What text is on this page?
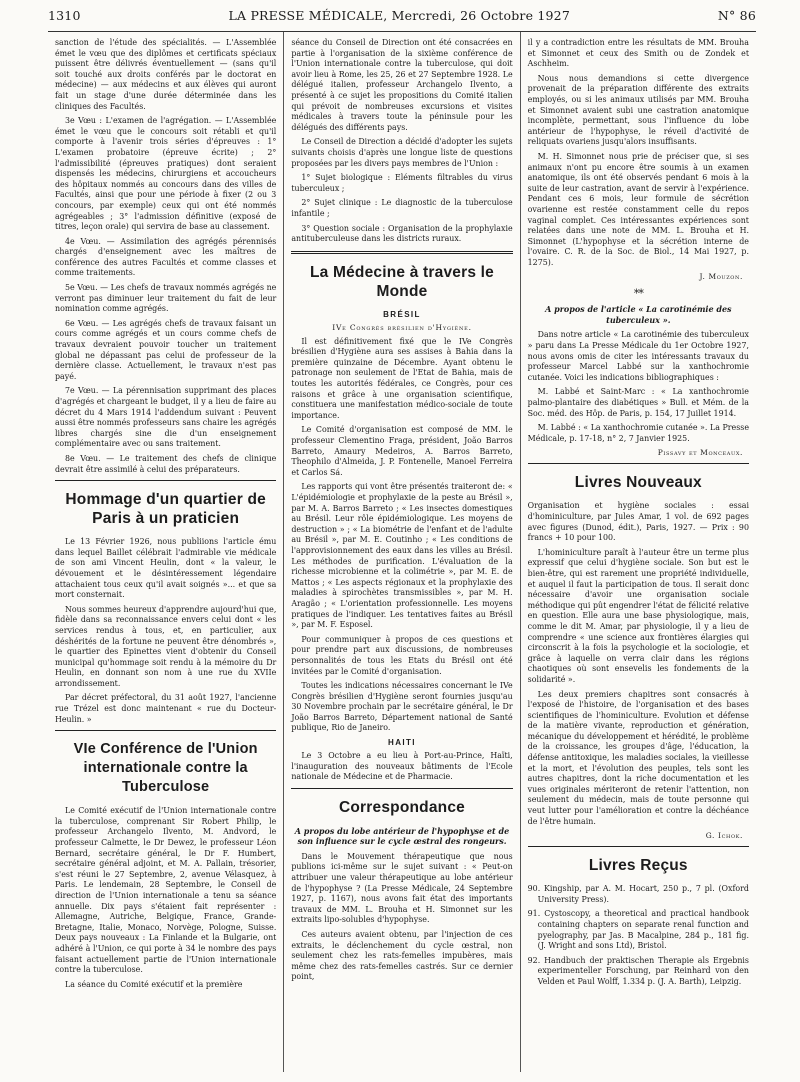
1310	LA PRESSE MÉDICALE, Mercredi, 26 Octobre 1927	N° 86

sanction de l'étude des spécialités. — L'Assemblée émet le vœu que des diplômes et certificats spéciaux puissent être délivrés éventuellement — (sans qu'il soit touché aux droits conférés par le doctorat en médecine) — aux médecins et aux élèves qui auront fait un stage d'une durée déterminée dans les cliniques des Facultés.

3e Vœu : L'examen de l'agrégation. — L'Assemblée émet le vœu que le concours soit rétabli et qu'il comporte à l'avenir trois séries d'épreuves : 1° L'examen probatoire (épreuve écrite) ; 2° l'admissibilité (épreuves pratiques) dont seraient dispensés les médecins, chirurgiens et accoucheurs des hôpitaux nommés au concours dans des villes de Facultés, ainsi que pour une période à fixer (2 ou 3 concours, par exemple) ceux qui ont été nommés agrégeables ; 3° l'admission définitive (exposé de titres, leçon orale) qui servira de base au classement.

4e Vœu. — Assimilation des agrégés pérennisés chargés d'enseignement avec les maîtres de conférence des autres Facultés et comme classes et comme traitements.

5e Vœu. — Les chefs de travaux nommés agrégés ne verront pas diminuer leur traitement du fait de leur nomination comme agrégés.

6e Vœu. — Les agrégés chefs de travaux faisant un cours comme agrégés et un cours comme chefs de travaux devraient pouvoir toucher un traitement global ne dépassant pas celui de professeur de la dernière classe. Actuellement, le travaux n'est pas payé.

7e Vœu. — La pérennisation supprimant des places d'agrégés et chargeant le budget, il y a lieu de faire au décret du 4 Mars 1914 l'addendum suivant : Peuvent aussi être nommés professeurs sans chaire les agrégés libres chargés sine die d'un enseignement complémentaire avec ou sans traitement.

8e Vœu. — Le traitement des chefs de clinique devrait être assimilé à celui des préparateurs.

Hommage d'un quartier de Paris à un praticien

Le 13 Février 1926, nous publiions l'article ému dans lequel Baillet célébrait l'admirable vie médicale de son ami Vincent Heulin, dont « la valeur, le dévouement et le désintéressement légendaire attachaient tous ceux qu'il avait soignés »... et que sa mort consternait.

Nous sommes heureux d'apprendre aujourd'hui que, fidèle dans sa reconnaissance envers celui dont « les services rendus à tous, et, en particulier, aux déshérités de la fortune ne peuvent être dénombrés », le quartier des Epinettes vient d'obtenir du Conseil municipal qu'hommage soit rendu à la mémoire du Dr Heulin, en donnant son nom à une rue du XVIIe arrondissement.

Par décret préfectoral, du 31 août 1927, l'ancienne rue Trézel est donc maintenant « rue du Docteur-Heulin. »

VIe Conférence de l'Union internationale contre la Tuberculose

Le Comité exécutif de l'Union internationale contre la tuberculose, comprenant Sir Robert Philip, le professeur Archangelo Ilvento, M. Andvord, le professeur Calmette, le Dr Dewez, le professeur Léon Bernard, secrétaire général, le Dr F. Humbert, secrétaire général adjoint, et M. A. Pallain, trésorier, s'est réuni le 27 Septembre, 2, avenue Vélasquez, à Paris. Le lendemain, 28 Septembre, le Conseil de direction de l'Union internationale a tenu sa séance annuelle. Dix pays s'étaient fait représenter : Allemagne, Autriche, Belgique, France, Grande-Bretagne, Italie, Monaco, Norvège, Pologne, Suisse. Deux pays nouveaux : La Finlande et la Bulgarie, ont adhéré à l'Union, ce qui porte à 34 le nombre des pays faisant actuellement partie de l'Union internationale contre la tuberculose.

La séance du Comité exécutif et la première

séance du Conseil de Direction ont été consacrées en partie à l'organisation de la sixième conférence de l'Union internationale contre la tuberculose, qui doit avoir lieu à Rome, les 25, 26 et 27 Septembre 1928. Le délégué italien, professeur Archangelo Ilvento, a présenté à ce sujet les propositions du Comité italien qui prévoit de nombreuses excursions et visites médicales à travers toute la péninsule pour les délégués des différents pays.

Le Conseil de Direction a décidé d'adopter les sujets suivants choisis d'après une longue liste de questions proposées par les divers pays membres de l'Union :

1° Sujet biologique : Eléments filtrables du virus tuberculeux ;

2° Sujet clinique : Le diagnostic de la tuberculose infantile ;

3° Question sociale : Organisation de la prophylaxie antituberculeuse dans les districts ruraux.

La Médecine à travers le Monde
BRÉSIL
IVe Congrès brésilien d'Hygiène.

Il est définitivement fixé que le IVe Congrès brésilien d'Hygiène aura ses assises à Bahia dans la première quinzaine de Décembre. Ayant obtenu le patronage non seulement de l'Etat de Bahia, mais de toutes les autorités fédérales, ce Congrès, pour ces raisons et grâce à une organisation scientifique, constituera une manifestation médico-sociale de toute importance.

Le Comité d'organisation est composé de MM. le professeur Clementino Fraga, président, João Barros Barreto, Amaury Medeiros, A. Barros Barreto, Theophilo d'Almeida, J. P. Fontenelle, Manoel Ferreira et Carlos Sá.

Les rapports qui vont être présentés traiteront de: « L'épidémiologie et prophylaxie de la peste au Brésil », par M. A. Barros Barreto ; « Les insectes domestiques au Brésil. Leur rôle épidémiologique. Les moyens de destruction » ; « La biométrie de l'enfant et de l'adulte au Brésil », par M. E. Coutinho ; « Les conditions de l'approvisionnement des eaux dans les villes au Brésil. Les méthodes de purification. L'évaluation de la richesse microbienne et la colimétrie », par M. E. de Mattos ; « Les aspects régionaux et la prophylaxie des maladies à spirochètes transmissibles », par M. H. Aragão ; « L'orientation professionnelle. Les moyens pratiques de l'indiquer. Les tentatives faites au Brésil », par M. F. Esposel.

Pour communiquer à propos de ces questions et pour prendre part aux discussions, de nombreuses personnalités de tous les Etats du Brésil ont été invitées par le Comité d'organisation.

Toutes les indications nécessaires concernant le IVe Congrès brésilien d'Hygiène seront fournies jusqu'au 30 Novembre prochain par le secrétaire général, le Dr João Barros Barreto, Département national de Santé publique, Rio de Janeiro.

HAITI

Le 3 Octobre a eu lieu à Port-au-Prince, Haïti, l'inauguration des nouveaux bâtiments de l'Ecole nationale de Médecine et de Pharmacie.

Correspondance
A propos du lobe antérieur de l'hypophyse et de son influence sur le cycle œstral des rongeurs.

Dans le Mouvement thérapeutique que nous publions ici-même sur le sujet suivant : « Peut-on attribuer une valeur thérapeutique au lobe antérieur de l'hypophyse ? (La Presse Médicale, 24 Septembre 1927, p. 1167), nous avons fait état des importants travaux de MM. L. Brouha et H. Simonnet sur les extraits lipo-solubles d'hypophyse.

Ces auteurs avaient obtenu, par l'injection de ces extraits, le déclenchement du cycle œstral, non seulement chez les rats-femelles impubères, mais même chez des rats-femelles castrés. Sur ce dernier point,

il y a contradiction entre les résultats de MM. Brouha et Simonnet et ceux des Smith ou de Zondek et Aschheim.

Nous nous demandions si cette divergence provenait de la préparation différente des extraits employés, ou si les animaux utilisés par MM. Brouha et Simonnet avaient subi une castration anatomique incomplète, permettant, sous l'influence du lobe antérieur de l'hypophyse, le réveil d'activité de reliquats ovariens jusqu'alors insuffisants.

M. H. Simonnet nous prie de préciser que, si ses animaux n'ont pu encore être soumis à un examen anatomique, ils ont été observés pendant 6 mois à la suite de leur castration, avant de servir à l'expérience. Pendant ces 6 mois, leur formule de sécrétion ovarienne est restée constamment celle du repos vaginal complet. Ces intéressantes expériences sont relatées dans une note de MM. L. Brouha et H. Simonnet (L'hypophyse et la sécrétion interne de l'ovaire. C. R. de la Soc. de Biol., 14 Mai 1927, p. 1275).

J. Mouzon.
**
A propos de l'article « La carotinémie des tuberculeux ».

Dans notre article « La carotinémie des tuberculeux » paru dans La Presse Médicale du 1er Octobre 1927, nous avons omis de citer les intéressants travaux du professeur Marcel Labbé sur la xanthochromie cutanée. Voici les indications bibliographiques :

M. Labbé et Saint-Marc : « La xanthochromie palmo-plantaire des diabétiques » Bull. et Mém. de la Soc. méd. des Hôp. de Paris, p. 154, 17 Juillet 1914.

M. Labbé : « La xanthochromie cutanée ». La Presse Médicale, p. 17-18, n° 2, 7 Janvier 1925.

Pissavy et Monceaux.
Livres Nouveaux

Organisation et hygiène sociales : essai d'hominiculture, par Jules Amar, 1 vol. de 692 pages avec figures (Dunod, édit.), Paris, 1927. — Prix : 90 francs + 10 pour 100.

L'hominiculture paraît à l'auteur être un terme plus expressif que celui d'hygiène sociale. Son but est le bien-être, qui est rarement une propriété individuelle, et auquel il faut la participation de tous. Il serait donc nécessaire d'avoir une organisation sociale méthodique qui pût engendrer l'état de félicité relative en question. Elle aura une base physiologique, mais, comme le dit M. Amar, par physiologie, il y a lieu de comprendre « une science aux frontières élargies qui circonscrit à la fois la psychologie et la sociologie, et grâce à laquelle on verra clair dans les régions chaotiques où sont ensevelis les fondements de la solidarité ».

Les deux premiers chapitres sont consacrés à l'exposé de l'histoire, de l'organisation et des bases scientifiques de l'hominiculture. Evolution et défense de la matière vivante, reproduction et génération, mécanique du développement et hérédité, le problème de la croissance, les groupes d'âge, l'éducation, la défense antitoxique, les maladies sociales, la vieillesse et la mort, et l'évolution des peuples, tels sont les autres chapitres, dont la riche documentation et les vues originales mériteront de retenir l'attention, non seulement du médecin, mais de toute personne qui veut lutter pour l'amélioration et contre la déchéance de l'être humain.

G. Ichok.
Livres Reçus

90. Kingship, par A. M. Hocart, 250 p., 7 pl. (Oxford University Press).

91. Cystoscopy, a theoretical and practical handbook containing chapters on separate renal function and pyelography, par Jas. B Macalpine, 284 p., 181 fig. (J. Wright and sons Ltd), Bristol.

92. Handbuch der praktischen Therapie als Ergebnis experimenteller Forschung, par Reinhard von den Velden et Paul Wolff, 1.334 p. (J. A. Barth), Leipzig.
